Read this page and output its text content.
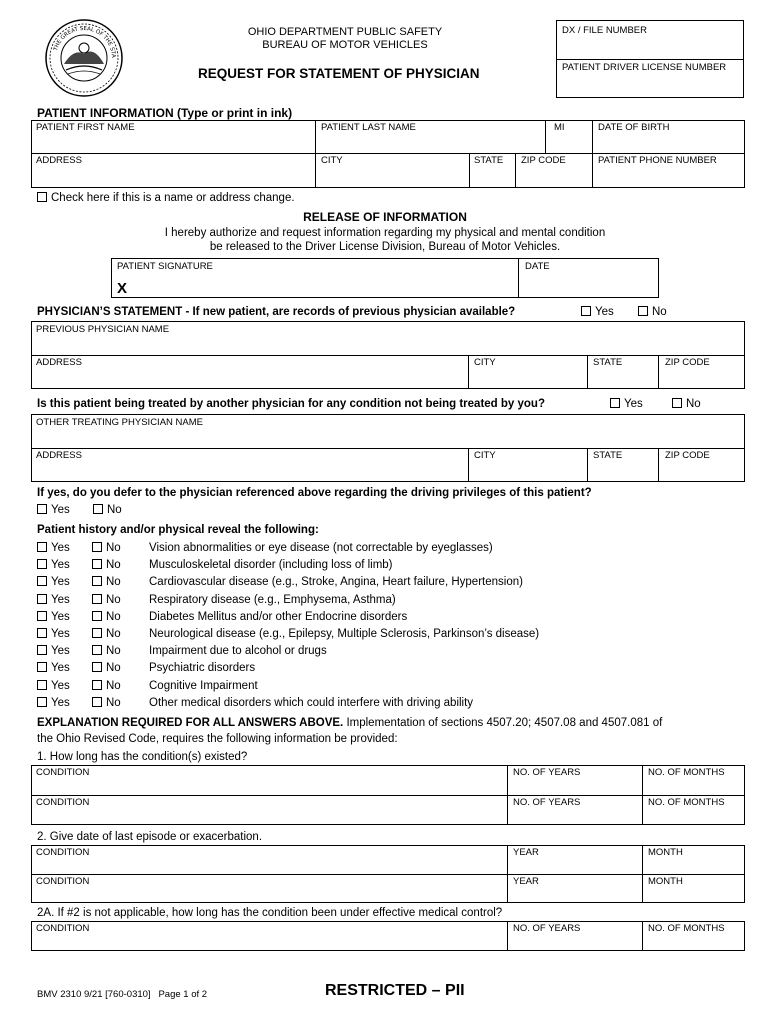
THE GREAT SEAL OF THE STA
OHIO DEPARTMENT PUBLIC SAFETY
BUREAU OF MOTOR VEHICLES
REQUEST FOR STATEMENT OF PHYSICIAN
DX / FILE NUMBER
PATIENT DRIVER LICENSE NUMBER
PATIENT INFORMATION (Type or print in ink)
PATIENT FIRST NAME	PATIENT LAST NAME	MI	DATE OF BIRTH
ADDRESS	CITY	STATE ZIP CODE	PATIENT PHONE NUMBER
Check here if this is a name or address change.
RELEASE OF INFORMATION
I hereby authorize and request information regarding my physical and mental condition
be released to the Driver License Division, Bureau of Motor Vehicles.
PATIENT SIGNATURE	DATE
X
PHYSICIAN’S STATEMENT - If new patient, are records of previous physician available?	Yes	No
PREVIOUS PHYSICIAN NAME
ADDRESS	CITY	STATE	ZIP CODE
Is this patient being treated by another physician for any condition not being treated by you?	Yes	No
OTHER TREATING PHYSICIAN NAME
ADDRESS	CITY	STATE	ZIP CODE
If yes, do you defer to the physician referenced above regarding the driving privileges of this patient?
Yes	No
Patient history and/or physical reveal the following:
Yes	No Vision abnormalities or eye disease (not correctable by eyeglasses)
Yes	No Musculoskeletal disorder (including loss of limb)
Yes	No Cardiovascular disease (e.g., Stroke, Angina, Heart failure, Hypertension)
Yes	No Respiratory disease (e.g., Emphysema, Asthma)
Yes	No Diabetes Mellitus and/or other Endocrine disorders
Yes	No Neurological disease (e.g., Epilepsy, Multiple Sclerosis, Parkinson’s disease)
Yes	No Impairment due to alcohol or drugs
Yes	No Psychiatric disorders
Yes	No Cognitive Impairment
Yes	No Other medical disorders which could interfere with driving ability
EXPLANATION REQUIRED FOR ALL ANSWERS ABOVE. Implementation of sections 4507.20; 4507.08 and 4507.081 of
the Ohio Revised Code, requires the following information be provided:
1. How long has the condition(s) existed?
CONDITION	NO. OF YEARS	NO. OF MONTHS
CONDITION	NO. OF YEARS	NO. OF MONTHS
2. Give date of last episode or exacerbation.
CONDITION	YEAR	MONTH
CONDITION	YEAR	MONTH
2A. If #2 is not applicable, how long has the condition been under effective medical control?
CONDITION	NO. OF YEARS	NO. OF MONTHS
BMV 2310 9/21 [760-0310]   Page 1 of 2	RESTRICTED – PII
